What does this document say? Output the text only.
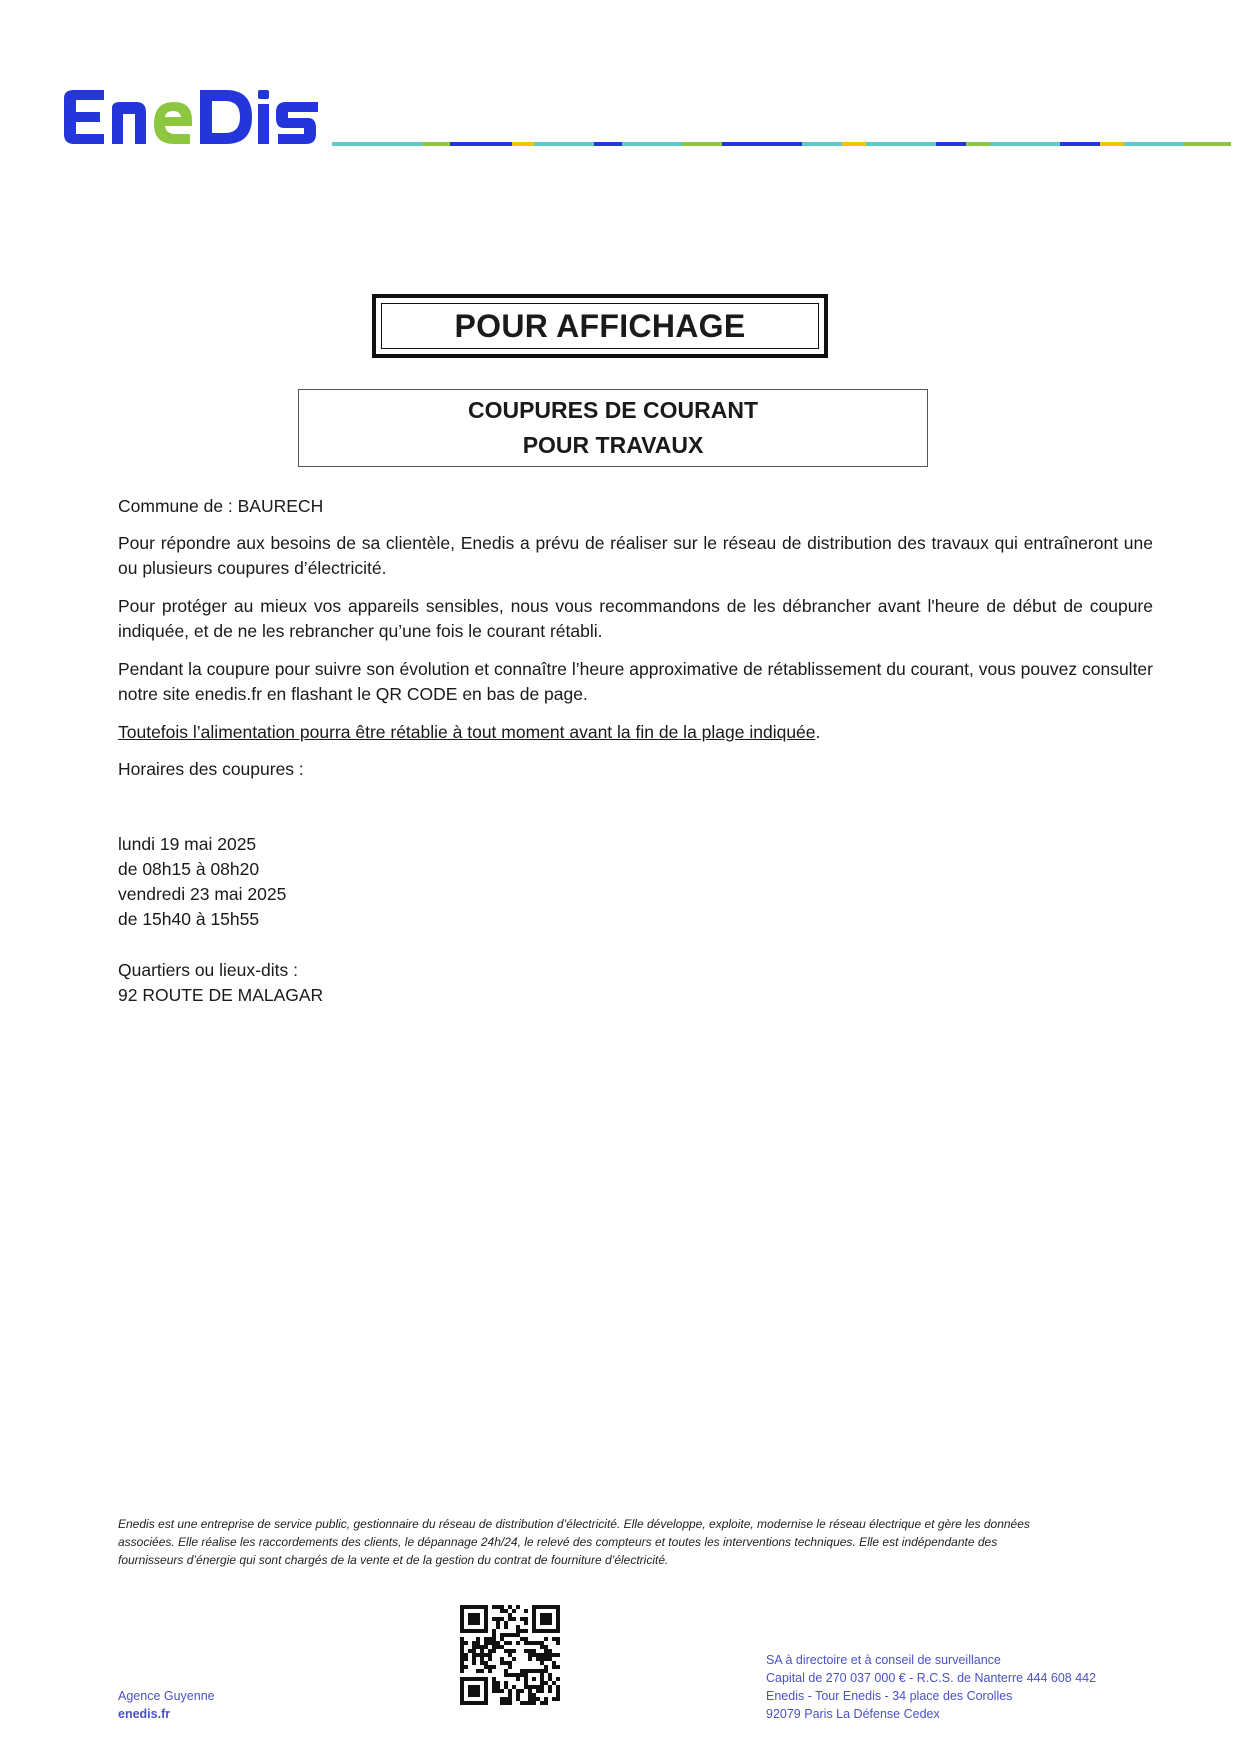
POUR AFFICHAGE
COUPURES DE COURANT
POUR TRAVAUX
Commune de : BAURECH
Pour répondre aux besoins de sa clientèle, Enedis a prévu de réaliser sur le réseau de distribution des travaux qui entraîneront une ou plusieurs coupures d’électricité.
Pour protéger au mieux vos appareils sensibles, nous vous recommandons de les débrancher avant l'heure de début de coupure indiquée, et de ne les rebrancher qu’une fois le courant rétabli.
Pendant la coupure pour suivre son évolution et connaître l’heure approximative de rétablissement du courant, vous pouvez consulter notre site enedis.fr en flashant le QR CODE en bas de page.
Toutefois l’alimentation pourra être rétablie à tout moment avant la fin de la plage indiquée.
Horaires des coupures :
lundi 19 mai 2025
de 08h15 à 08h20
vendredi 23 mai 2025
de 15h40 à 15h55
Quartiers ou lieux-dits :
92 ROUTE DE MALAGAR
Enedis est une entreprise de service public, gestionnaire du réseau de distribution d’électricité. Elle développe, exploite, modernise le réseau électrique et gère les données
associées. Elle réalise les raccordements des clients, le dépannage 24h/24, le relevé des compteurs et toutes les interventions techniques. Elle est indépendante des
fournisseurs d’énergie qui sont chargés de la vente et de la gestion du contrat de fourniture d’électricité.
Agence Guyenne
enedis.fr
SA à directoire et à conseil de surveillance
Capital de 270 037 000 € - R.C.S. de Nanterre 444 608 442
Enedis - Tour Enedis - 34 place des Corolles
92079 Paris La Défense Cedex
